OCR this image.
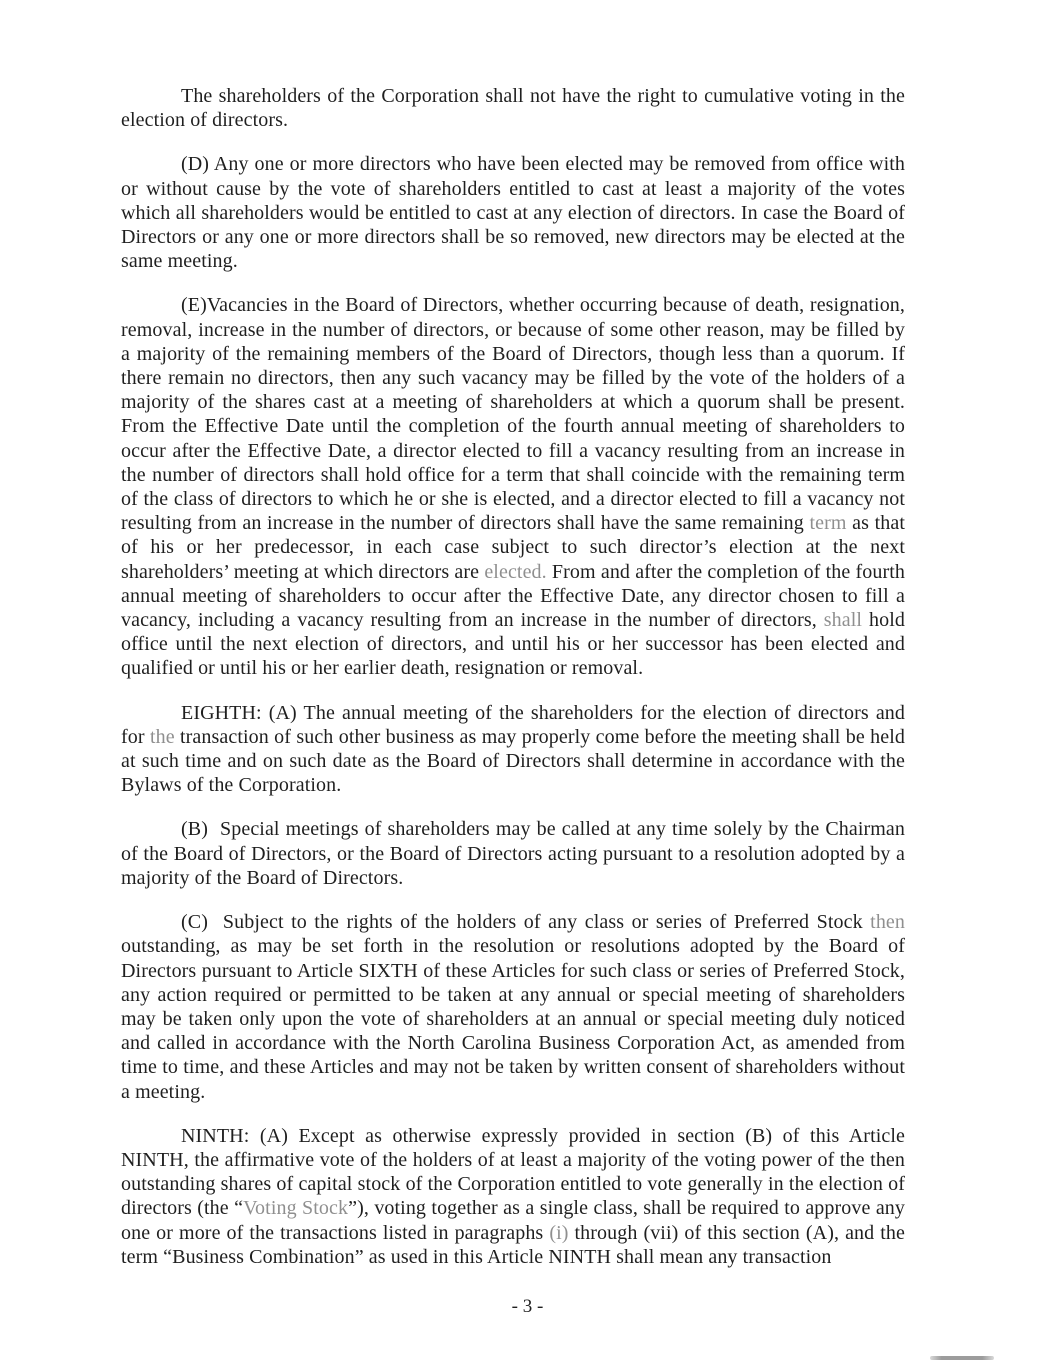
The shareholders of the Corporation shall not have the right to cumulative voting in the election of directors.

(D) Any one or more directors who have been elected may be removed from office with or without cause by the vote of shareholders entitled to cast at least a majority of the votes which all shareholders would be entitled to cast at any election of directors. In case the Board of Directors or any one or more directors shall be so removed, new directors may be elected at the same meeting.

(E)Vacancies in the Board of Directors, whether occurring because of death, resignation, removal, increase in the number of directors, or because of some other reason, may be filled by a majority of the remaining members of the Board of Directors, though less than a quorum. If there remain no directors, then any such vacancy may be filled by the vote of the holders of a majority of the shares cast at a meeting of shareholders at which a quorum shall be present. From the Effective Date until the completion of the fourth annual meeting of shareholders to occur after the Effective Date, a director elected to fill a vacancy resulting from an increase in the number of directors shall hold office for a term that shall coincide with the remaining term of the class of directors to which he or she is elected, and a director elected to fill a vacancy not resulting from an increase in the number of directors shall have the same remaining term as that of his or her predecessor, in each case subject to such director’s election at the next shareholders’ meeting at which directors are elected. From and after the completion of the fourth annual meeting of shareholders to occur after the Effective Date, any director chosen to fill a vacancy, including a vacancy resulting from an increase in the number of directors, shall hold office until the next election of directors, and until his or her successor has been elected and qualified or until his or her earlier death, resignation or removal.

EIGHTH: (A) The annual meeting of the shareholders for the election of directors and for the transaction of such other business as may properly come before the meeting shall be held at such time and on such date as the Board of Directors shall determine in accordance with the Bylaws of the Corporation.

(B)  Special meetings of shareholders may be called at any time solely by the Chairman of the Board of Directors, or the Board of Directors acting pursuant to a resolution adopted by a majority of the Board of Directors.

(C)  Subject to the rights of the holders of any class or series of Preferred Stock then outstanding, as may be set forth in the resolution or resolutions adopted by the Board of Directors pursuant to Article SIXTH of these Articles for such class or series of Preferred Stock, any action required or permitted to be taken at any annual or special meeting of shareholders may be taken only upon the vote of shareholders at an annual or special meeting duly noticed and called in accordance with the North Carolina Business Corporation Act, as amended from time to time, and these Articles and may not be taken by written consent of shareholders without a meeting.

NINTH: (A) Except as otherwise expressly provided in section (B) of this Article NINTH, the affirmative vote of the holders of at least a majority of the voting power of the then outstanding shares of capital stock of the Corporation entitled to vote generally in the election of directors (the “Voting Stock”), voting together as a single class, shall be required to approve any one or more of the transactions listed in paragraphs (i) through (vii) of this section (A), and the term “Business Combination” as used in this Article NINTH shall mean any transaction

- 3 -
